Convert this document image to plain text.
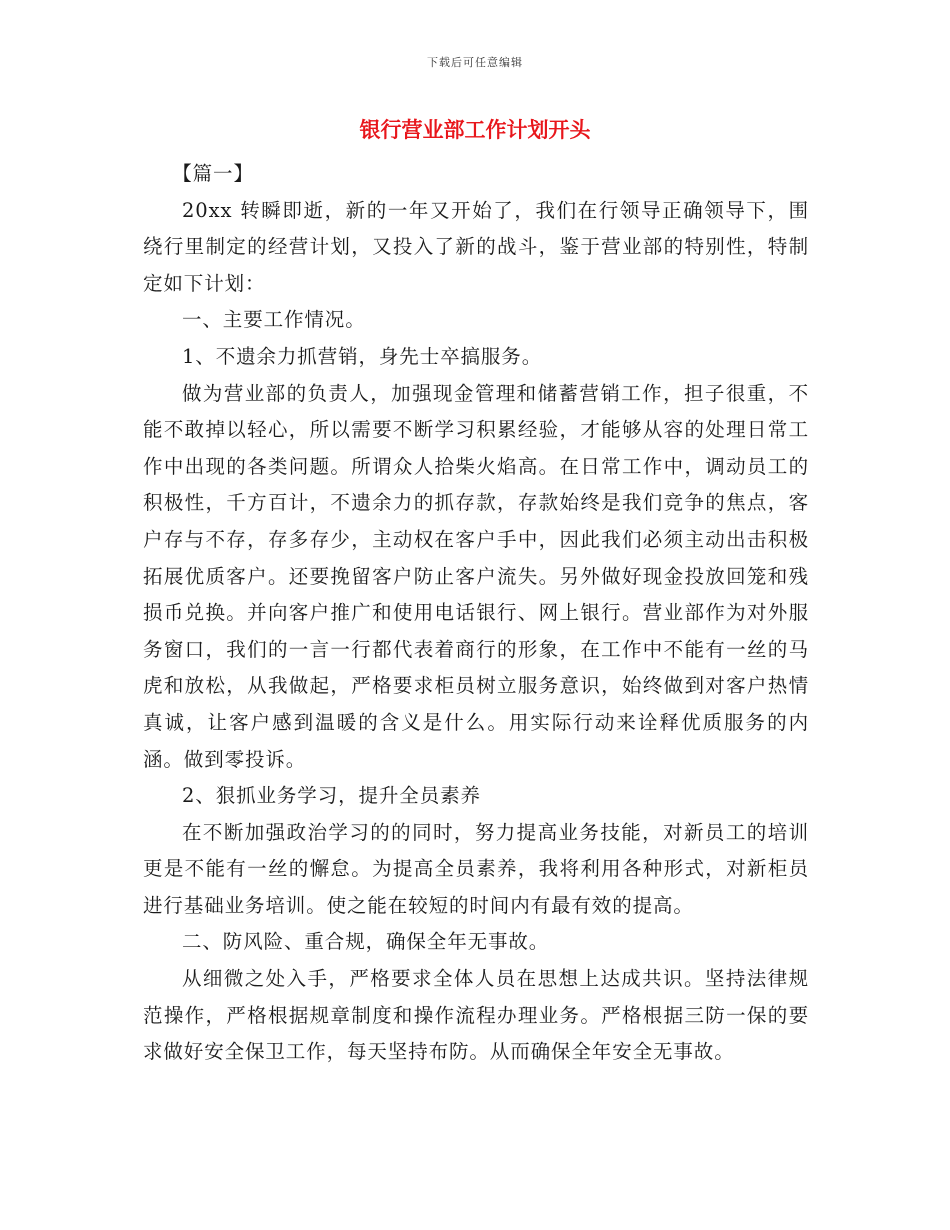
下载后可任意编辑
银行营业部工作计划开头

【篇一】

20xx 转瞬即逝，新的一年又开始了，我们在行领导正确领导下，围绕行里制定的经营计划，又投入了新的战斗，鉴于营业部的特别性，特制定如下计划：

一、主要工作情况。

1、不遗余力抓营销，身先士卒搞服务。

做为营业部的负责人，加强现金管理和储蓄营销工作，担子很重，不能不敢掉以轻心，所以需要不断学习积累经验，才能够从容的处理日常工作中出现的各类问题。所谓众人拾柴火焰高。在日常工作中，调动员工的积极性，千方百计，不遗余力的抓存款，存款始终是我们竞争的焦点，客户存与不存，存多存少，主动权在客户手中，因此我们必须主动出击积极拓展优质客户。还要挽留客户防止客户流失。另外做好现金投放回笼和残损币兑换。并向客户推广和使用电话银行、网上银行。营业部作为对外服务窗口，我们的一言一行都代表着商行的形象，在工作中不能有一丝的马虎和放松，从我做起，严格要求柜员树立服务意识，始终做到对客户热情真诚，让客户感到温暖的含义是什么。用实际行动来诠释优质服务的内涵。做到零投诉。

2、狠抓业务学习，提升全员素养

在不断加强政治学习的的同时，努力提高业务技能，对新员工的培训更是不能有一丝的懈怠。为提高全员素养，我将利用各种形式，对新柜员进行基础业务培训。使之能在较短的时间内有最有效的提高。

二、防风险、重合规，确保全年无事故。

从细微之处入手，严格要求全体人员在思想上达成共识。坚持法律规范操作，严格根据规章制度和操作流程办理业务。严格根据三防一保的要求做好安全保卫工作，每天坚持布防。从而确保全年安全无事故。
